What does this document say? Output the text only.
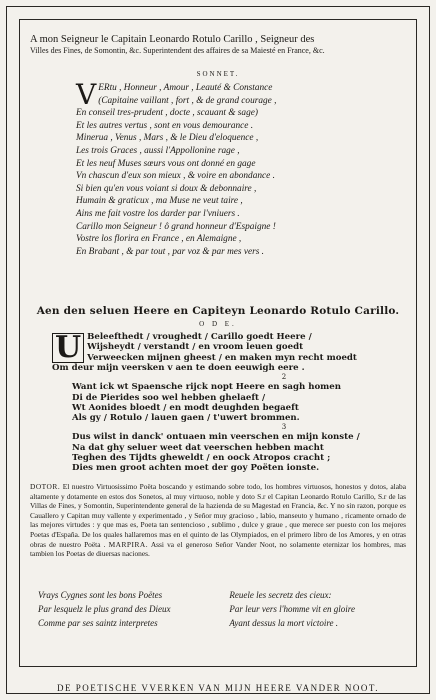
A mon Seigneur le Capitain Leonardo Rotulo Carillo , Seigneur des
Villes des Fines, de Somontin, &c. Superintendent des affaires de sa Maiesté en France, &c.
SONNET.
V ERtu , Honneur , Amour , Leauté & Constance
(Capitaine vaillant , fort , & de grand courage ,
En conseil tres-prudent , docte , scauant & sage)
Et les autres vertus , sont en vous demourance .
Minerua , Venus , Mars , & le Dieu d'eloquence ,
Les trois Graces , aussi l'Appollonine rage ,
Et les neuf Muses sœurs vous ont donné en gage
Vn chascun d'eux son mieux , & voire en abondance .
Si bien qu'en vous voiant si doux & debonnaire ,
Humain & graticux , ma Muse ne veut taire ,
Ains me fait vostre los darder par l'vniuers .
Carillo mon Seigneur ! ô grand honneur d'Espaigne !
Vostre los florira en France , en Alemaigne ,
En Brabant , & par tout , par voz & par mes vers .
Aen den seluen Heere en Capiteyn Leonardo Rotulo Carillo.
O D E.
U Beleefthedt / vroughedt / Carillo goedt Heere /
Wijsheydt / verstandt / en vroom leuen goedt
Verweecken mijnen gheest / en maken myn recht moedt
Om deur mijn veersken v aen te doen eeuwigh eere .
2
Want ick wt Spaensche rijck nopt Heere en sagh homen
Di de Pierides soo wel hebben ghelaeft /
Wt Aonides bloedt / en modt deughden begaeft
Als gy / Rotulo / lauen gaen / t'uwert brommen.
3
Dus wilst in danck' ontuaen min veerschen en mijn konste /
Na dat ghy seluer weet dat veerschen hebben macht
Teghen des Tijdts gheweldt / en oock Atropos cracht ;
Dies men groot achten moet der goy Poëten ionste.
DOTOR. El nuestro Virtuosissimo Poëta boscando y estimando sobre todo, los hombres virtuosos, honestos y dotos, alaba altamente y dotamente en estos dos Sonetos, al muy virtuoso, noble y doto S.r el Capitan Leonardo Rotulo Carillo, S.r de las Villas de Fines, y Somontin, Superintendente general de la hazienda de su Magestad en Francia, &c. Y no sin razon, porque es Cauallero y Capitan muy vallente y experimentado , y Señor muy gracioso , labio, manseuto y humano , ricamente ornado de las mejores virtudes : y que mas es, Poeta tan sentencioso , sublimo , dulce y graue , que merece ser puesto con los mejores Poetas d'España. De los quales hallaremos mas en el quinto de las Olympiados, en el primero libro de los Amores, y en otras obras de nuestro Poëta . MARPIRA. Assi va el generoso Señor Vander Noot, no solamente eternizar los hombres, mas tambien los Poetas de diuersas naciones.
Vrays Cygnes sont les bons Poëtes
Par lesquelz le plus grand des Dieux
Comme par ses saintz interpretes
Reuele les secretz des cieux:
Par leur vers l'homme vit en gloire
Ayant dessus la mort victoire .
DE POETISCHE VVERKEN VAN MIJN HEERE VANDER NOOT.
